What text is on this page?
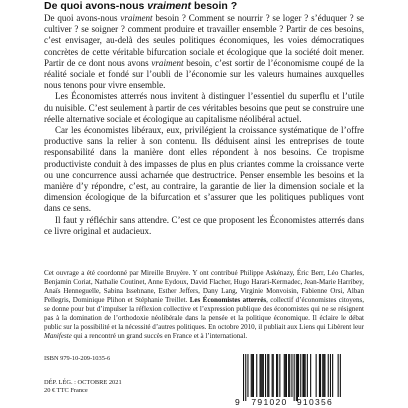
De quoi avons-nous vraiment besoin ?

De quoi avons-nous vraiment besoin ? Comment se nourrir ? se loger ? s’éduquer ? se cultiver ? se soigner ? comment produire et travailler ensemble ? Partir de ces besoins, c’est envisager, au-delà des seules politiques économiques, les voies démocratiques concrètes de cette véritable bifurcation sociale et écologique que la société doit mener. Partir de ce dont nous avons vraiment besoin, c’est sortir de l’économisme coupé de la réalité sociale et fondé sur l’oubli de l’économie sur les valeurs humaines auxquelles nous tenons pour vivre ensemble.

Les Économistes atterrés nous invitent à distinguer l’essentiel du superflu et l’utile du nuisible. C’est seulement à partir de ces véritables besoins que peut se construire une réelle alternative sociale et écologique au capitalisme néolibéral actuel.

Car les économistes libéraux, eux, privilégient la croissance systématique de l’offre productive sans la relier à son contenu. Ils déduisent ainsi les entreprises de toute responsabilité dans la manière dont elles répondent à nos besoins. Ce tropisme productiviste conduit à des impasses de plus en plus criantes comme la croissance verte ou une concurrence aussi acharnée que destructrice. Penser ensemble les besoins et la manière d’y répondre, c’est, au contraire, la garantie de lier la dimension sociale et la dimension écologique de la bifurcation et s’assurer que les politiques publiques vont dans ce sens.

Il faut y réfléchir sans attendre. C’est ce que proposent les Économistes atterrés dans ce livre original et audacieux.

Cet ouvrage a été coordonné par Mireille Bruyère. Y ont contribué Philippe Askénazy, Éric Berr, Léo Charles, Benjamin Coriat, Nathalie Coutinet, Anne Eydoux, David Flacher, Hugo Harari-Kermadec, Jean-Marie Harribey, Anaïs Henneguelle, Sabina Issehnane, Esther Jeffers, Dany Lang, Virginie Monvoisin, Fabienne Orsi, Alban Pellegris, Dominique Plihon et Stéphanie Treillet. Les Économistes atterrés, collectif d’économistes citoyens, se donne pour but d’impulser la réflexion collective et l’expression publique des économistes qui ne se résignent pas à la domination de l’orthodoxie néolibérale dans la pensée et la politique économique. Il éclaire le débat public sur la possibilité et la nécessité d’autres politiques. En octobre 2010, il publiait aux Liens qui Libèrent leur Manifeste qui a rencontré un grand succès en France et à l’international.

ISBN 979-10-209-1035-6
DÉP. LÉG. : OCTOBRE 2021
20 € TTC France
9 791020 910356
